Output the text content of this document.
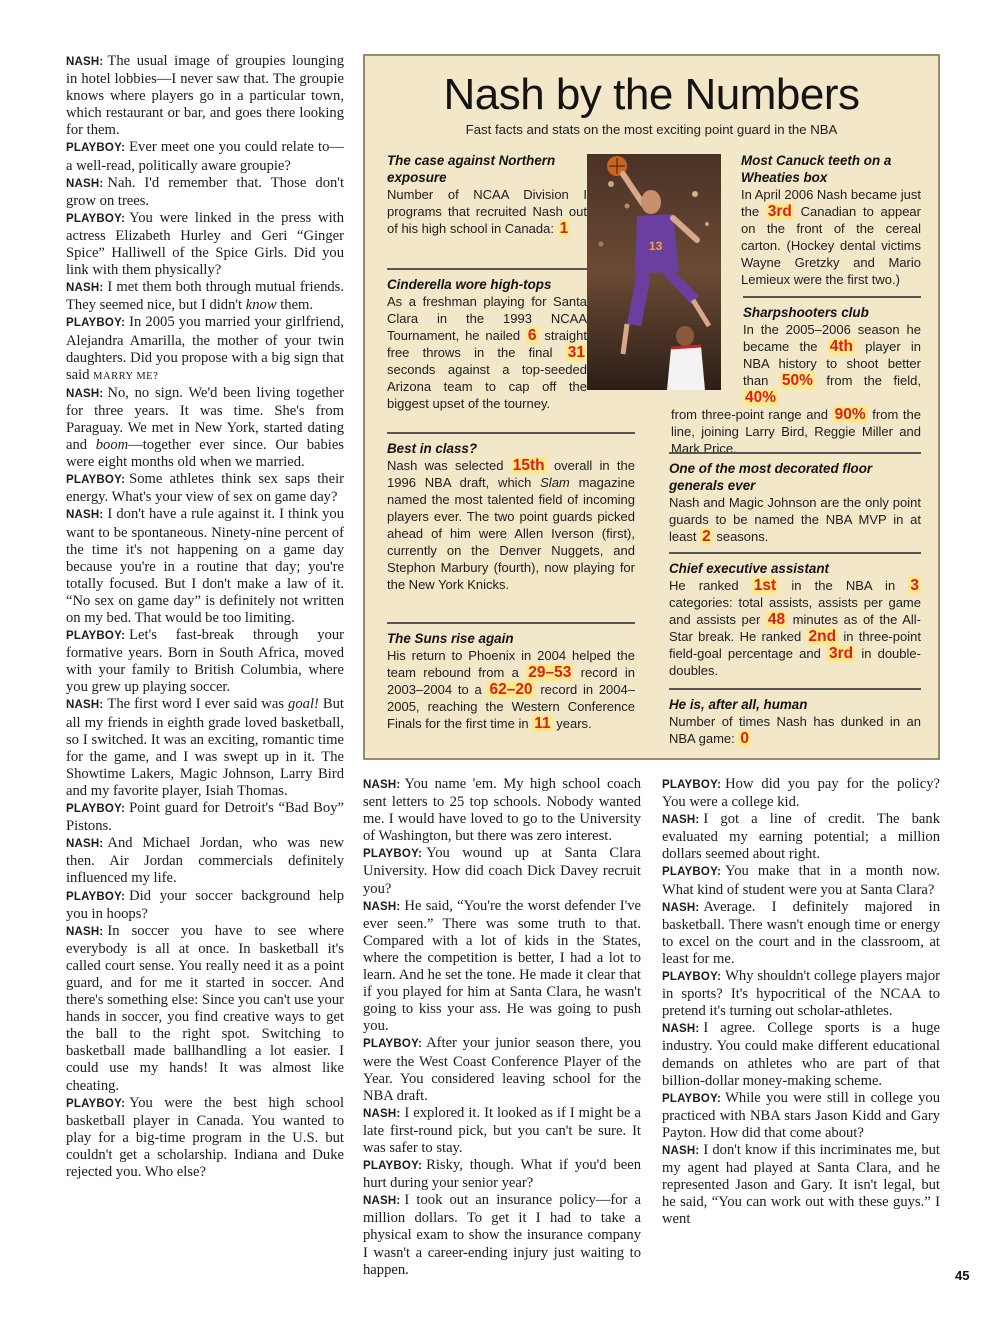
NASH: The usual image of groupies lounging in hotel lobbies—I never saw that. The groupie knows where players go in a particular town, which restaurant or bar, and goes there looking for them.

PLAYBOY: Ever meet one you could relate to—a well-read, politically aware groupie?

NASH: Nah. I'd remember that. Those don't grow on trees.

PLAYBOY: You were linked in the press with actress Elizabeth Hurley and Geri “Ginger Spice” Halliwell of the Spice Girls. Did you link with them physically?

NASH: I met them both through mutual friends. They seemed nice, but I didn't know them.

PLAYBOY: In 2005 you married your girlfriend, Alejandra Amarilla, the mother of your twin daughters. Did you propose with a big sign that said MARRY ME?

NASH: No, no sign. We'd been living together for three years. It was time. She's from Paraguay. We met in New York, started dating and boom—together ever since. Our babies were eight months old when we married.

PLAYBOY: Some athletes think sex saps their energy. What's your view of sex on game day?

NASH: I don't have a rule against it. I think you want to be spontaneous. Ninety-nine percent of the time it's not happening on a game day because you're in a routine that day; you're totally focused. But I don't make a law of it. “No sex on game day” is definitely not written on my bed. That would be too limiting.

PLAYBOY: Let's fast-break through your formative years. Born in South Africa, moved with your family to British Columbia, where you grew up playing soccer.

NASH: The first word I ever said was goal! But all my friends in eighth grade loved basketball, so I switched. It was an exciting, romantic time for the game, and I was swept up in it. The Showtime Lakers, Magic Johnson, Larry Bird and my favorite player, Isiah Thomas.

PLAYBOY: Point guard for Detroit's “Bad Boy” Pistons.

NASH: And Michael Jordan, who was new then. Air Jordan commercials definitely influenced my life.

PLAYBOY: Did your soccer background help you in hoops?

NASH: In soccer you have to see where everybody is all at once. In basketball it's called court sense. You really need it as a point guard, and for me it started in soccer. And there's something else: Since you can't use your hands in soccer, you find creative ways to get the ball to the right spot. Switching to basketball made ballhandling a lot easier. I could use my hands! It was almost like cheating.

PLAYBOY: You were the best high school basketball player in Canada. You wanted to play for a big-time program in the U.S. but couldn't get a scholarship. Indiana and Duke rejected you. Who else?

Nash by the Numbers

Fast facts and stats on the most exciting point guard in the NBA

13
The case against Northern exposure

Number of NCAA Division I programs that recruited Nash out of his high school in Canada: 1

Cinderella wore high-tops

As a freshman playing for Santa Clara in the 1993 NCAA Tournament, he nailed 6 straight free throws in the final 31 seconds against a top-seeded Arizona team to cap off the biggest upset of the tourney.

Best in class?

Nash was selected 15th overall in the 1996 NBA draft, which Slam magazine named the most talented field of incoming players ever. The two point guards picked ahead of him were Allen Iverson (first), currently on the Denver Nuggets, and Stephon Marbury (fourth), now playing for the New York Knicks.

The Suns rise again

His return to Phoenix in 2004 helped the team rebound from a 29–53 record in 2003–2004 to a 62–20 record in 2004–2005, reaching the Western Conference Finals for the first time in 11 years.

Most Canuck teeth on a Wheaties box

In April 2006 Nash became just the 3rd Canadian to appear on the front of the cereal carton. (Hockey dental victims Wayne Gretzky and Mario Lemieux were the first two.)

Sharpshooters club

In the 2005–2006 season he became the 4th player in NBA history to shoot better than 50% from the field, 40%

from three-point range and 90% from the line, joining Larry Bird, Reggie Miller and Mark Price.

One of the most decorated floor generals ever

Nash and Magic Johnson are the only point guards to be named the NBA MVP in at least 2 seasons.

Chief executive assistant

He ranked 1st in the NBA in 3 categories: total assists, assists per game and assists per 48 minutes as of the All-Star break. He ranked 2nd in three-point field-goal percentage and 3rd in double-doubles.

He is, after all, human

Number of times Nash has dunked in an NBA game: 0

NASH: You name 'em. My high school coach sent letters to 25 top schools. Nobody wanted me. I would have loved to go to the University of Washington, but there was zero interest.

PLAYBOY: You wound up at Santa Clara University. How did coach Dick Davey recruit you?

NASH: He said, “You're the worst defender I've ever seen.” There was some truth to that. Compared with a lot of kids in the States, where the competition is better, I had a lot to learn. And he set the tone. He made it clear that if you played for him at Santa Clara, he wasn't going to kiss your ass. He was going to push you.

PLAYBOY: After your junior season there, you were the West Coast Conference Player of the Year. You considered leaving school for the NBA draft.

NASH: I explored it. It looked as if I might be a late first-round pick, but you can't be sure. It was safer to stay.

PLAYBOY: Risky, though. What if you'd been hurt during your senior year?

NASH: I took out an insurance policy—for a million dollars. To get it I had to take a physical exam to show the insurance company I wasn't a career-ending injury just waiting to happen.

PLAYBOY: How did you pay for the policy? You were a college kid.

NASH: I got a line of credit. The bank evaluated my earning potential; a million dollars seemed about right.

PLAYBOY: You make that in a month now. What kind of student were you at Santa Clara?

NASH: Average. I definitely majored in basketball. There wasn't enough time or energy to excel on the court and in the classroom, at least for me.

PLAYBOY: Why shouldn't college players major in sports? It's hypocritical of the NCAA to pretend it's turning out scholar-athletes.

NASH: I agree. College sports is a huge industry. You could make different educational demands on athletes who are part of that billion-dollar money-making scheme.

PLAYBOY: While you were still in college you practiced with NBA stars Jason Kidd and Gary Payton. How did that come about?

NASH: I don't know if this incriminates me, but my agent had played at Santa Clara, and he represented Jason and Gary. It isn't legal, but he said, “You can work out with these guys.” I went

45
